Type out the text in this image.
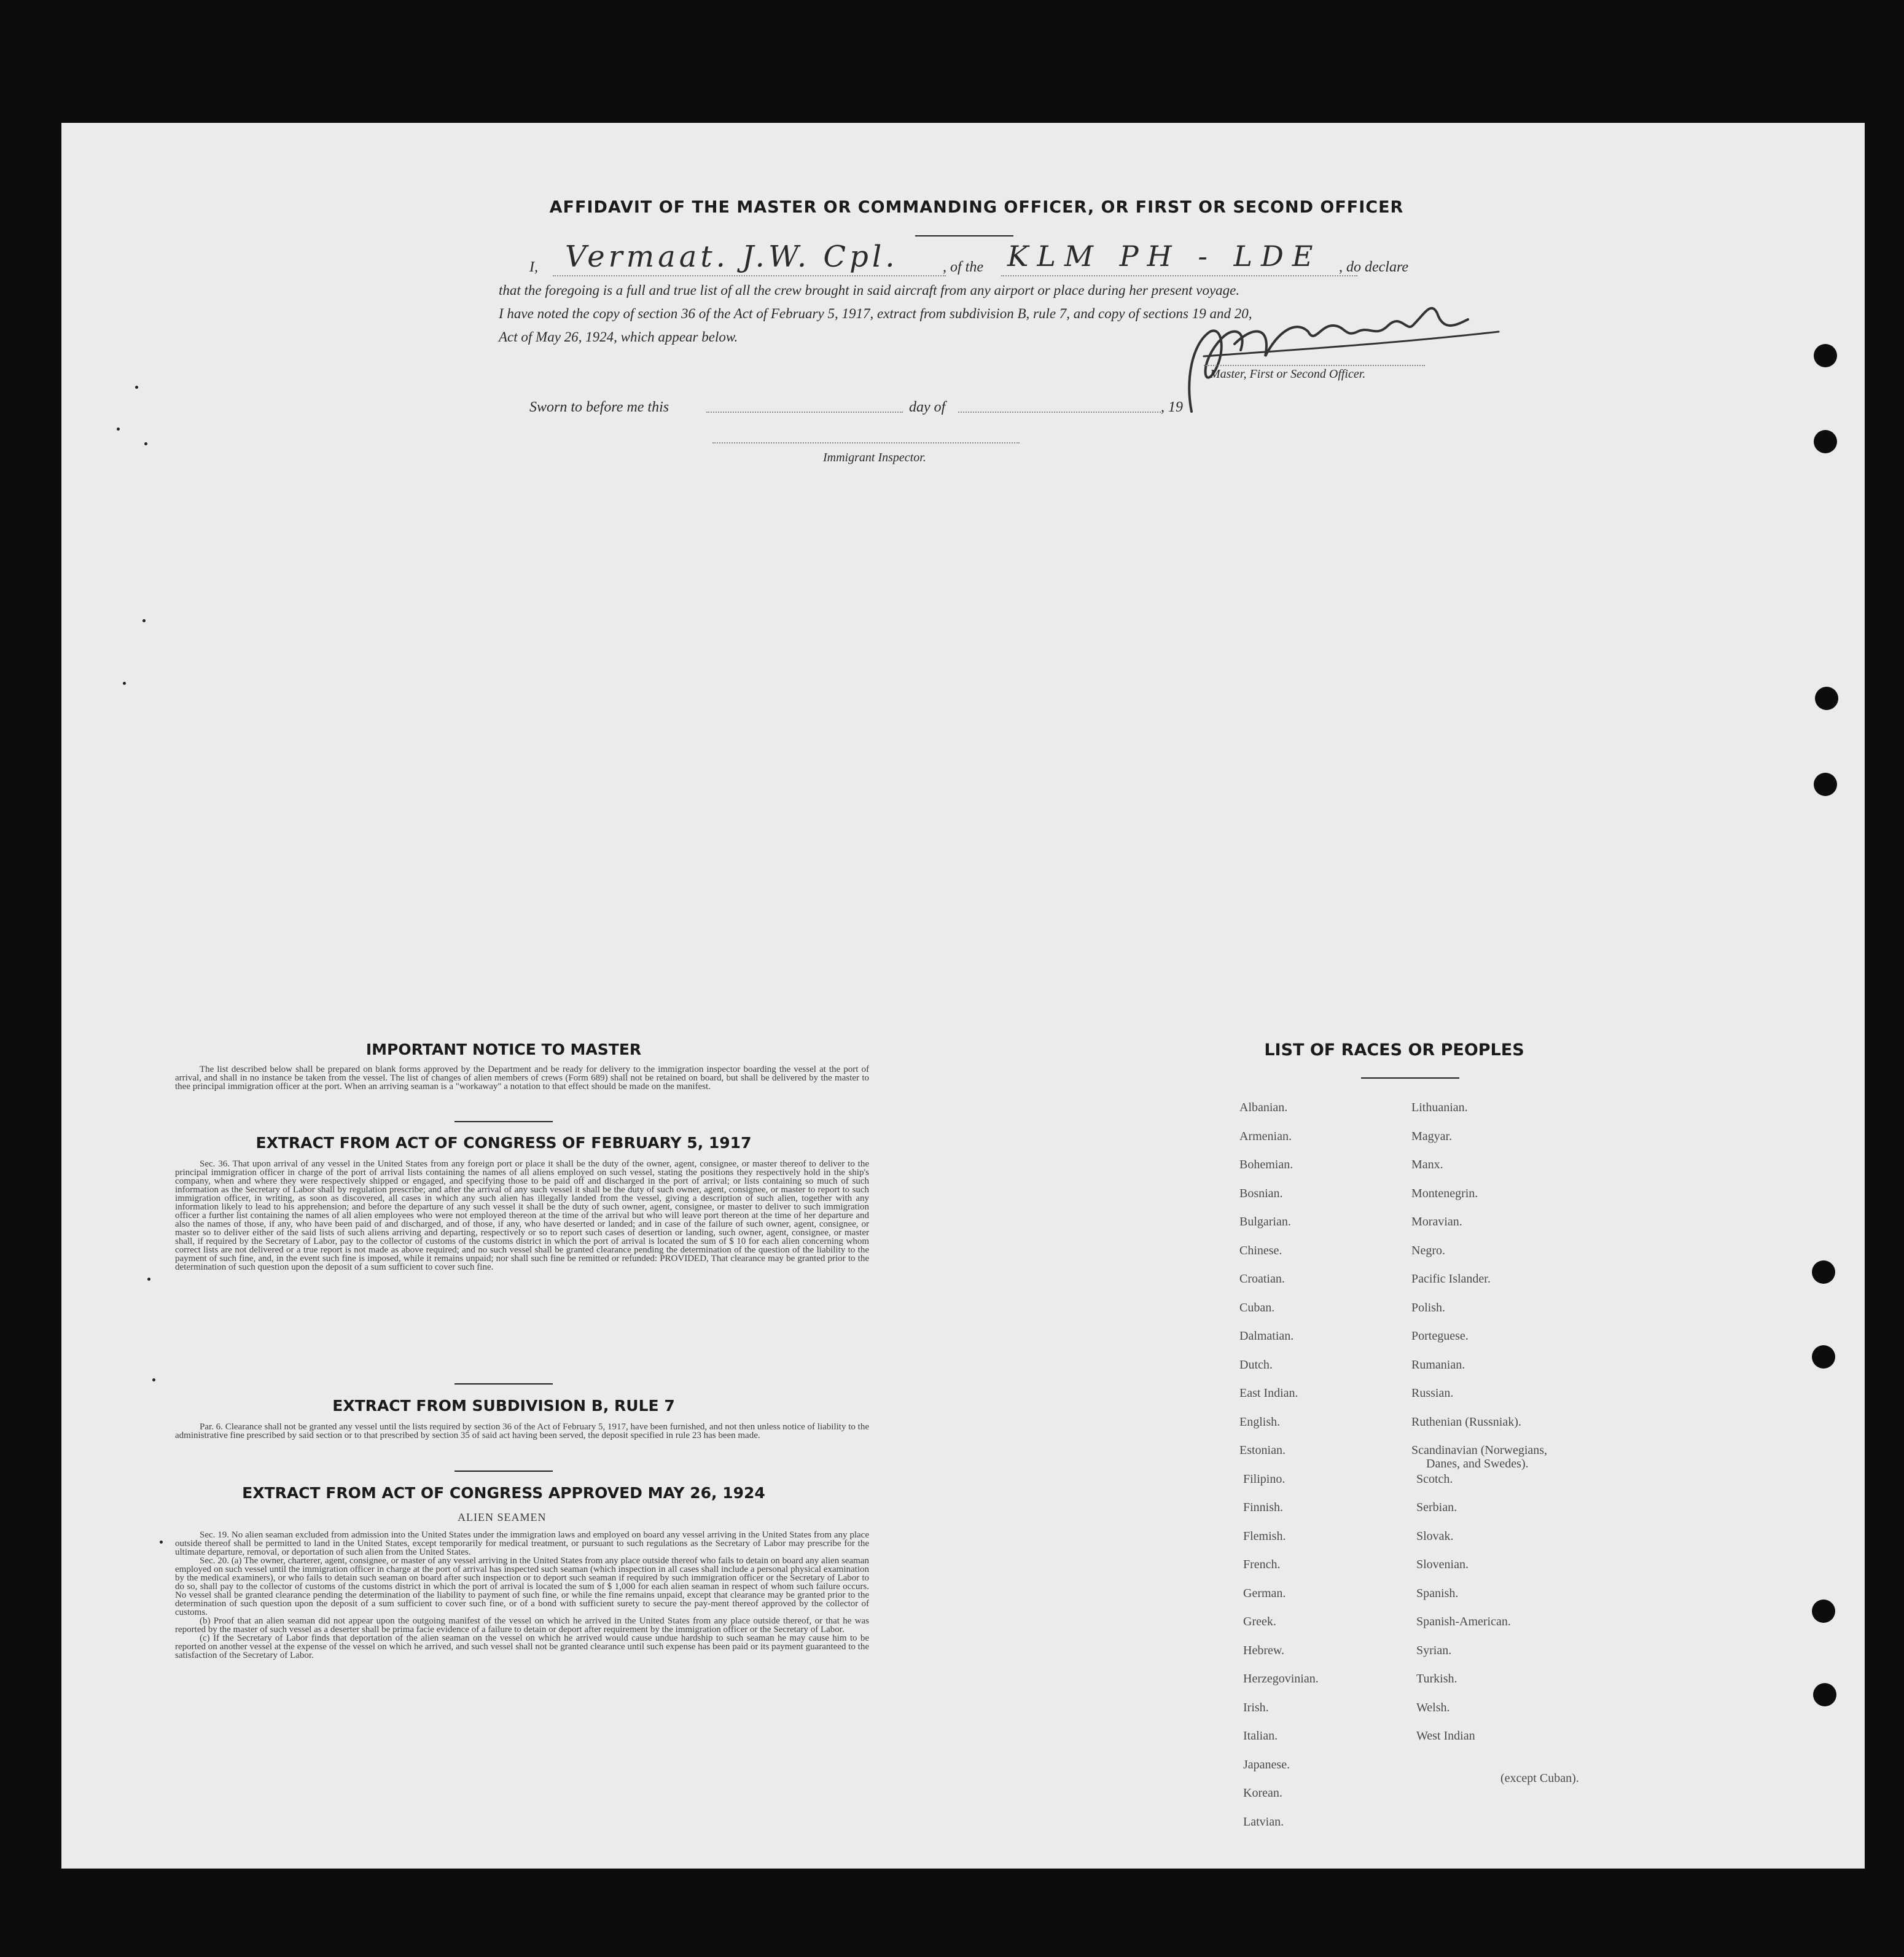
AFFIDAVIT OF THE MASTER OR COMMANDING OFFICER, OR FIRST OR SECOND OFFICER
I, Vermaat. J.W. Cpl.	, of the KLM PH - LDE , do declare
that the foregoing is a full and true list of all the crew brought in said aircraft from any airport or place during her present voyage.
I have noted the copy of section 36 of the Act of February 5, 1917, extract from subdivision B, rule 7, and copy of sections 19 and 20,
Act of May 26, 1924, which appear below.
Master, First or Second Officer.
Sworn to before me this	day of	, 19
Immigrant Inspector.
IMPORTANT NOTICE TO MASTER

The list described below shall be prepared on blank forms approved by the Department and be ready for delivery to the immigration inspector boarding the vessel at the port of arrival, and shall in no instance be taken from the vessel. The list of changes of alien members of crews (Form 689) shall not be retained on board, but shall be delivered by the master to thee principal immigration officer at the port. When an arriving seaman is a "workaway" a notation to that effect should be made on the manifest.

EXTRACT FROM ACT OF CONGRESS OF FEBRUARY 5, 1917

Sec. 36. That upon arrival of any vessel in the United States from any foreign port or place it shall be the duty of the owner, agent, consignee, or master thereof to deliver to the principal immigration officer in charge of the port of arrival lists containing the names of all aliens employed on such vessel, stating the positions they respectively hold in the ship's company, when and where they were respectively shipped or engaged, and specifying those to be paid off and discharged in the port of arrival; or lists containing so much of such information as the Secretary of Labor shall by regulation prescribe; and after the arrival of any such vessel it shall be the duty of such owner, agent, consignee, or master to report to such immigration officer, in writing, as soon as discovered, all cases in which any such alien has illegally landed from the vessel, giving a description of such alien, together with any information likely to lead to his apprehension; and before the departure of any such vessel it shall be the duty of such owner, agent, consignee, or master to deliver to such immigration officer a further list containing the names of all alien employees who were not employed thereon at the time of the arrival but who will leave port thereon at the time of her departure and also the names of those, if any, who have been paid of and discharged, and of those, if any, who have deserted or landed; and in case of the failure of such owner, agent, consignee, or master so to deliver either of the said lists of such aliens arriving and departing, respectively or so to report such cases of desertion or landing, such owner, agent, consignee, or master shall, if required by the Secretary of Labor, pay to the collector of customs of the customs district in which the port of arrival is located the sum of $ 10 for each alien concerning whom correct lists are not delivered or a true report is not made as above required; and no such vessel shall be granted clearance pending the determination of the question of the liability to the payment of such fine, and, in the event such fine is imposed, while it remains unpaid; nor shall such fine be remitted or refunded: PROVIDED, That clearance may be granted prior to the determination of such question upon the deposit of a sum sufficient to cover such fine.

EXTRACT FROM SUBDIVISION B, RULE 7

Par. 6. Clearance shall not be granted any vessel until the lists required by section 36 of the Act of February 5, 1917, have been furnished, and not then unless notice of liability to the administrative fine prescribed by said section or to that prescribed by section 35 of said act having been served, the deposit specified in rule 23 has been made.

EXTRACT FROM ACT OF CONGRESS APPROVED MAY 26, 1924
ALIEN SEAMEN

Sec. 19. No alien seaman excluded from admission into the United States under the immigration laws and employed on board any vessel arriving in the United States from any place outside thereof shall be permitted to land in the United States, except temporarily for medical treatment, or pursuant to such regulations as the Secretary of Labor may prescribe for the ultimate departure, removal, or deportation of such alien from the United States.

Sec. 20. (a) The owner, charterer, agent, consignee, or master of any vessel arriving in the United States from any place outside thereof who fails to detain on board any alien seaman employed on such vessel until the immigration officer in charge at the port of arrival has inspected such seaman (which inspection in all cases shall include a personal physical examination by the medical examiners), or who fails to detain such seaman on board after such inspection or to deport such seaman if required by such immigration officer or the Secretary of Labor to do so, shall pay to the collector of customs of the customs district in which the port of arrival is located the sum of $ 1,000 for each alien seaman in respect of whom such failure occurs. No vessel shall be granted clearance pending the determination of the liability to payment of such fine, or while the fine remains unpaid, except that clearance may be granted prior to the determination of such question upon the deposit of a sum sufficient to cover such fine, or of a bond with sufficient surety to secure the pay-ment thereof approved by the collector of customs.

(b) Proof that an alien seaman did not appear upon the outgoing manifest of the vessel on which he arrived in the United States from any place outside thereof, or that he was reported by the master of such vessel as a deserter shall be prima facie evidence of a failure to detain or deport after requirement by the immigration officer or the Secretary of Labor.

(c) If the Secretary of Labor finds that deportation of the alien seaman on the vessel on which he arrived would cause undue hardship to such seaman he may cause him to be reported on another vessel at the expense of the vessel on which he arrived, and such vessel shall not be granted clearance until such expense has been paid or its payment guaranteed to the satisfaction of the Secretary of Labor.

LIST OF RACES OR PEOPLES
Albanian.
Armenian.
Bohemian.
Bosnian.
Bulgarian.
Chinese.
Croatian.
Cuban.
Dalmatian.
Dutch.
East Indian.
English.
Estonian.
Filipino.
Finnish.
Flemish.
French.
German.
Greek.
Hebrew.
Herzegovinian.
Irish.
Italian.
Japanese.
Korean.
Latvian.
Lithuanian.
Magyar.
Manx.
Montenegrin.
Moravian.
Negro.
Pacific Islander.
Polish.
Porteguese.
Rumanian.
Russian.
Ruthenian (Russniak).
Scandinavian (Norwegians,
Danes, and Swedes).
Scotch.
Serbian.
Slovak.
Slovenian.
Spanish.
Spanish-American.
Syrian.
Turkish.
Welsh.
West Indian
(except Cuban).
